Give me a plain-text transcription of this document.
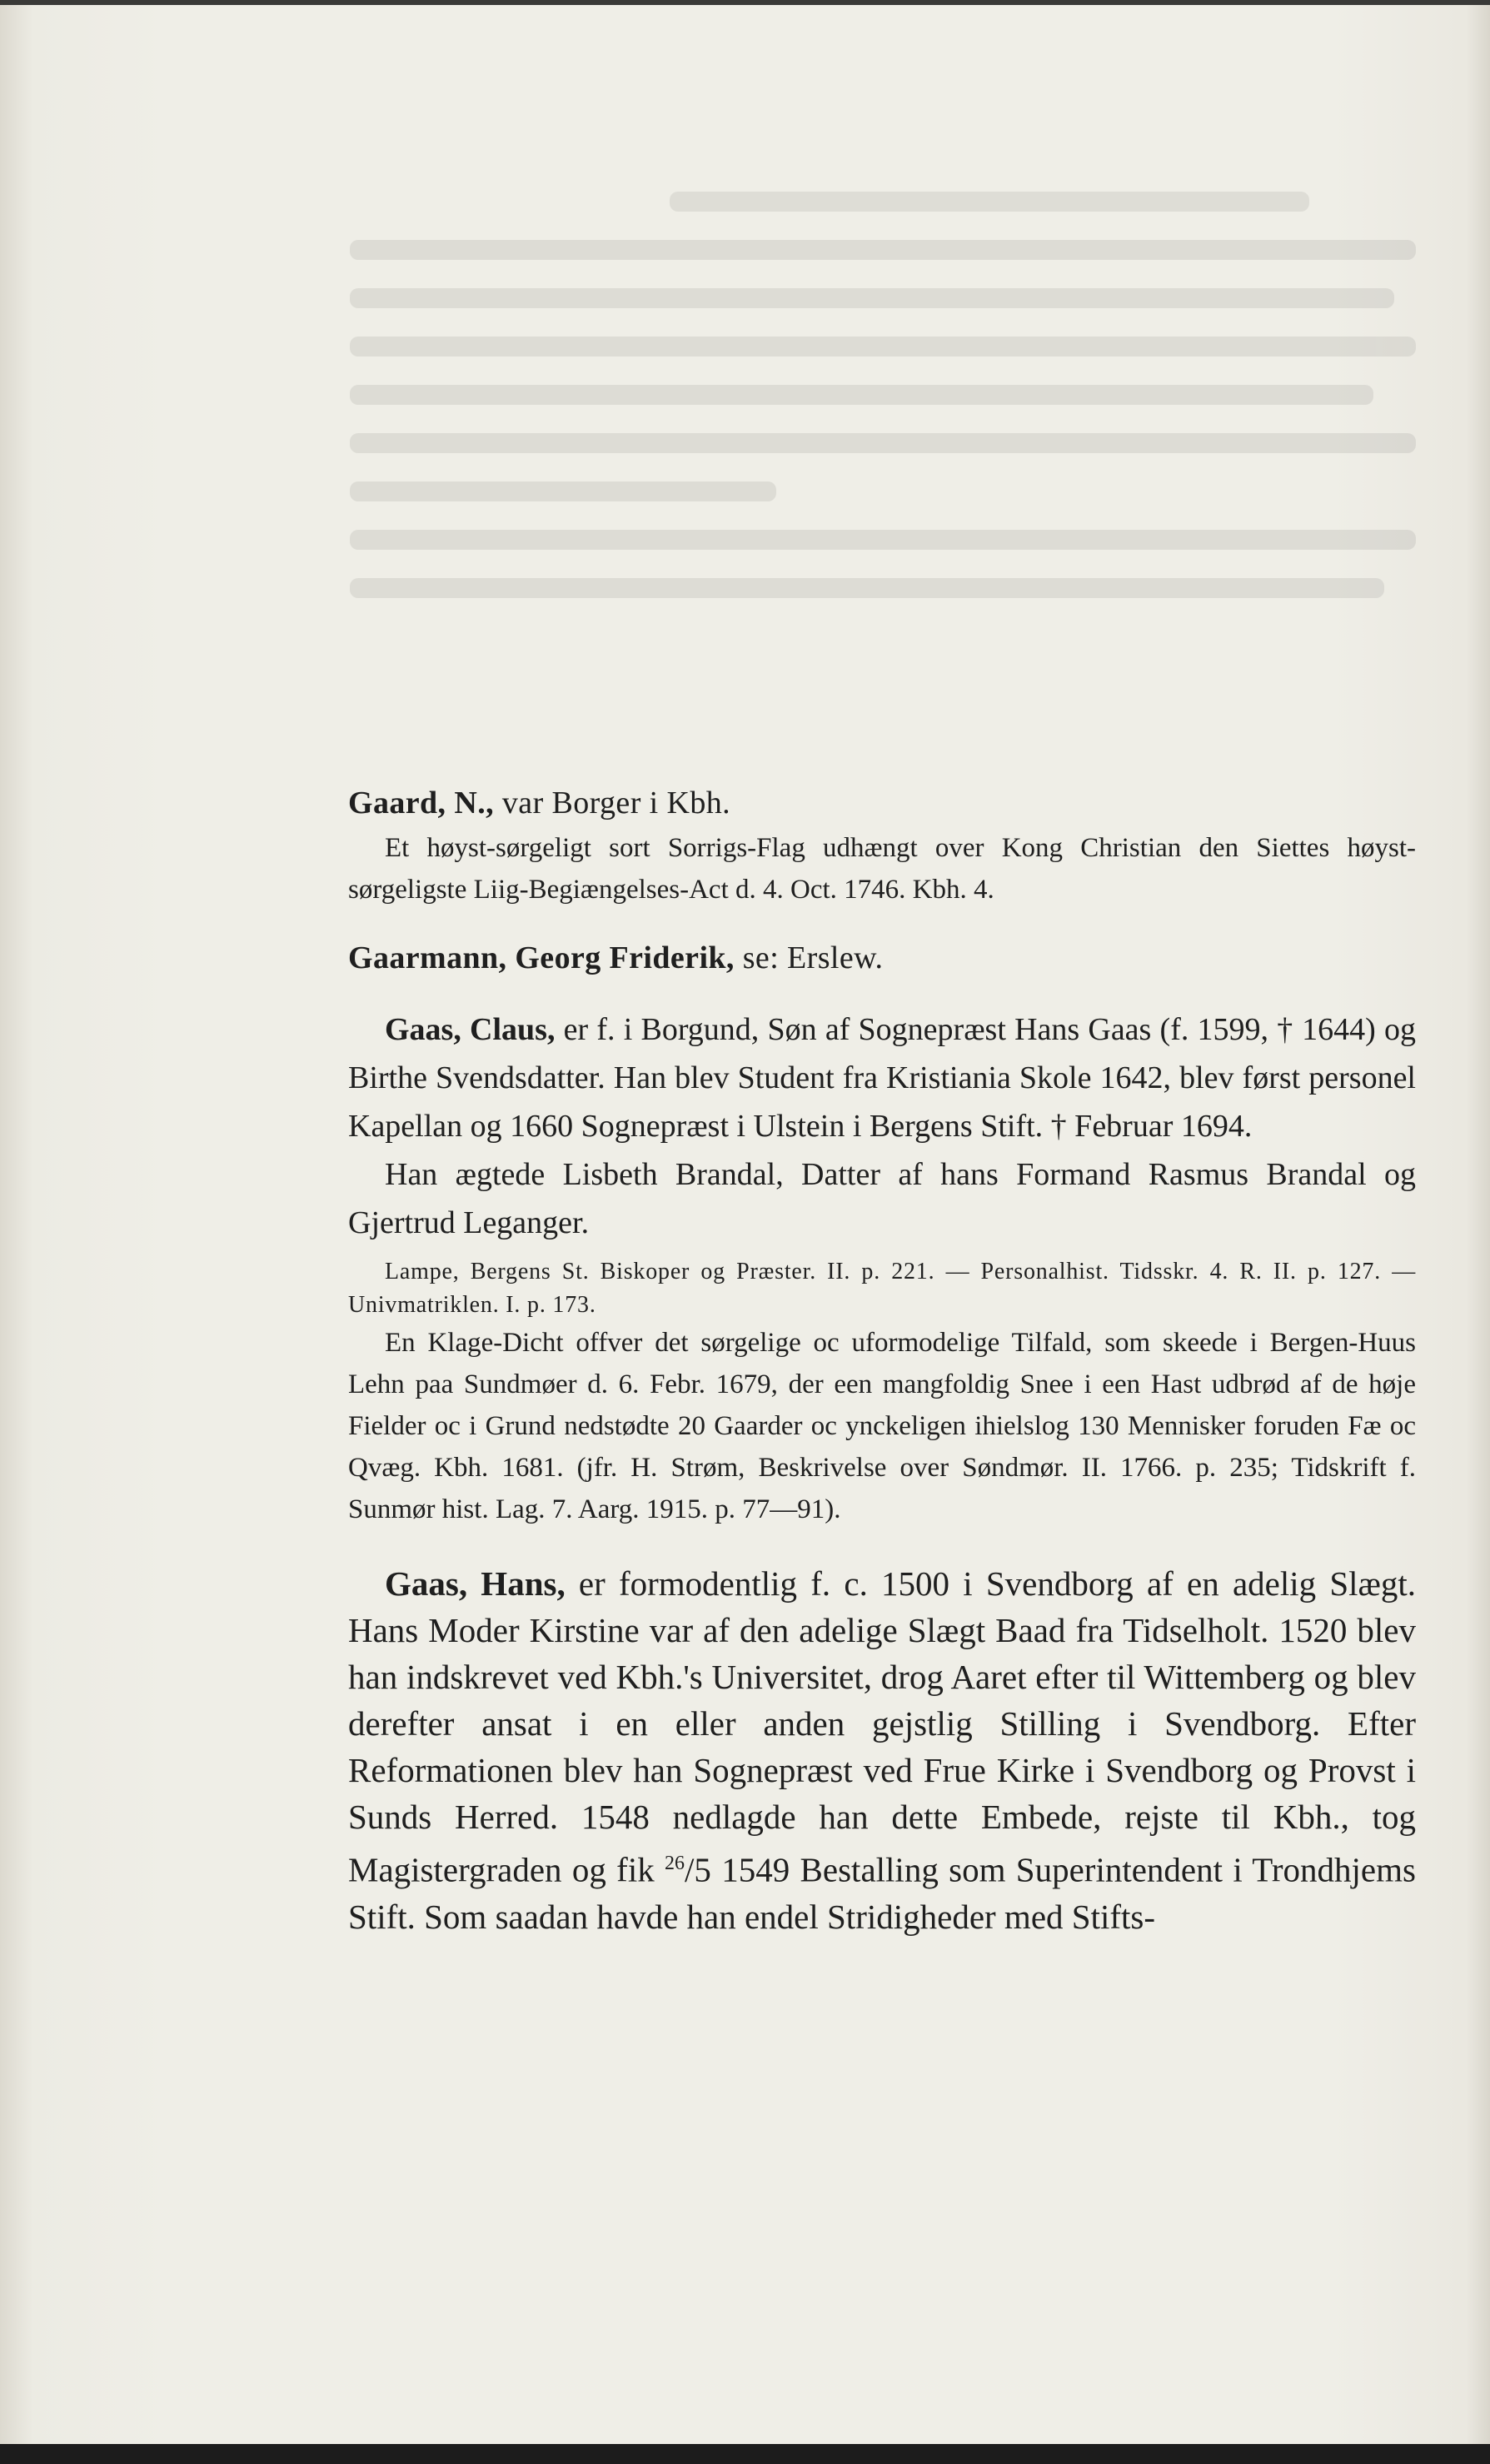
Gaard, N., var Borger i Kbh.

Et høyst-sørgeligt sort Sorrigs-Flag udhængt over Kong Christian den Siettes høyst-sørgeligste Liig-Begiængelses-Act d. 4. Oct. 1746. Kbh. 4.

Gaarmann, Georg Friderik, se: Erslew.

Gaas, Claus, er f. i Borgund, Søn af Sognepræst Hans Gaas (f. 1599, † 1644) og Birthe Svendsdatter. Han blev Student fra Kristiania Skole 1642, blev først personel Kapellan og 1660 Sognepræst i Ulstein i Bergens Stift. † Februar 1694.

Han ægtede Lisbeth Brandal, Datter af hans Formand Rasmus Brandal og Gjertrud Leganger.

Lampe, Bergens St. Biskoper og Præster. II. p. 221. — Personalhist. Tidsskr. 4. R. II. p. 127. — Univmatriklen. I. p. 173.

En Klage-Dicht offver det sørgelige oc uformodelige Tilfald, som skeede i Bergen-Huus Lehn paa Sundmøer d. 6. Febr. 1679, der een mangfoldig Snee i een Hast udbrød af de høje Fielder oc i Grund nedstødte 20 Gaarder oc ynckeligen ihielslog 130 Mennisker foruden Fæ oc Qvæg. Kbh. 1681. (jfr. H. Strøm, Beskrivelse over Søndmør. II. 1766. p. 235; Tidskrift f. Sunmør hist. Lag. 7. Aarg. 1915. p. 77—91).

Gaas, Hans, er formodentlig f. c. 1500 i Svendborg af en adelig Slægt. Hans Moder Kirstine var af den adelige Slægt Baad fra Tidselholt. 1520 blev han indskrevet ved Kbh.'s Universitet, drog Aaret efter til Wittemberg og blev derefter ansat i en eller anden gejstlig Stilling i Svendborg. Efter Reformationen blev han Sognepræst ved Frue Kirke i Svendborg og Provst i Sunds Herred. 1548 nedlagde han dette Embede, rejste til Kbh., tog Magistergraden og fik $^{26}$/5 1549 Bestalling som Superintendent i Trondhjems Stift. Som saadan havde han endel Stridigheder med Stifts-
